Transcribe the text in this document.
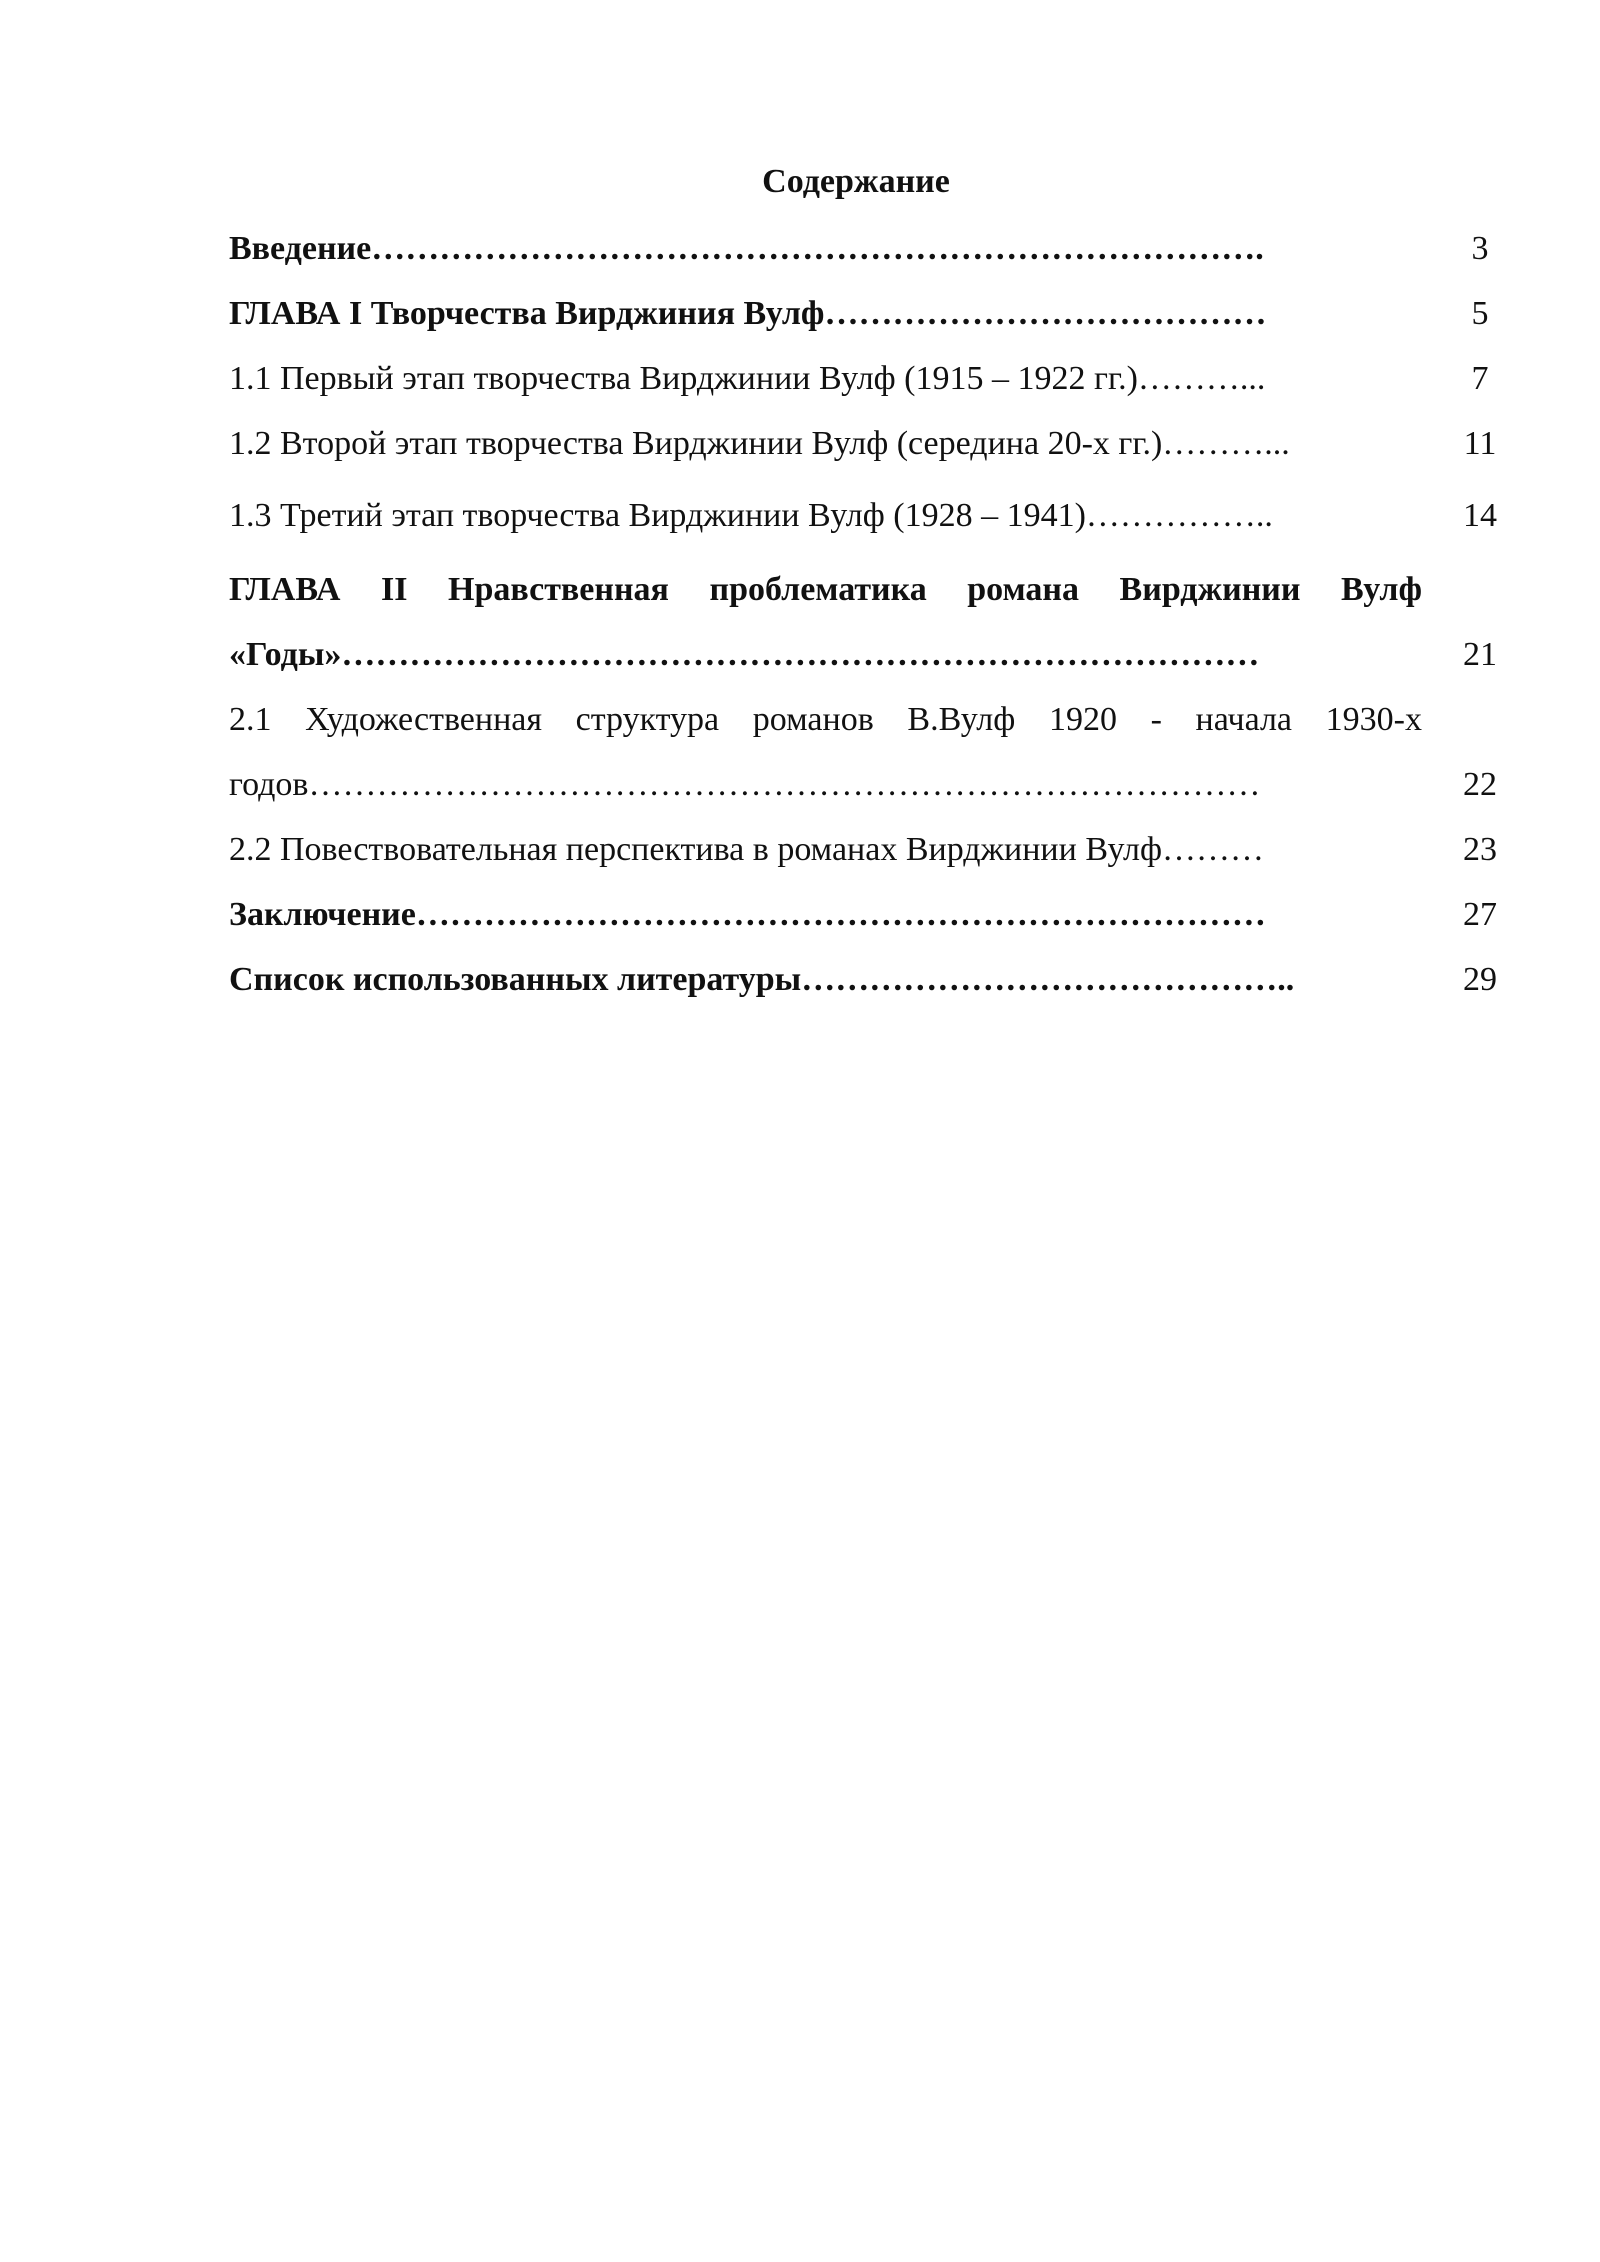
Содержание
Введение…………………………………………………………………….	3
ГЛАВА I Творчества Вирджиния Вулф…………………………………	5
1.1 Первый этап творчества Вирджинии Вулф (1915 – 1922 гг.)………...	7
1.2 Второй этап творчества Вирджинии Вулф (середина 20-х гг.)………...	11
1.3 Третий этап творчества Вирджинии Вулф (1928 – 1941)……………..	14
ГЛАВА II Нравственная проблематика романа Вирджинии Вулф
«Годы»………………………………………………………………………	21
2.1 Художественная структура романов В.Вулф 1920 - начала 1930-х
годов…………………………………………………………………………	22
2.2 Повествовательная перспектива в романах Вирджинии Вулф………	23
Заключение…………………………………………………………………	27
Список использованных литературы……………………………………..	29
